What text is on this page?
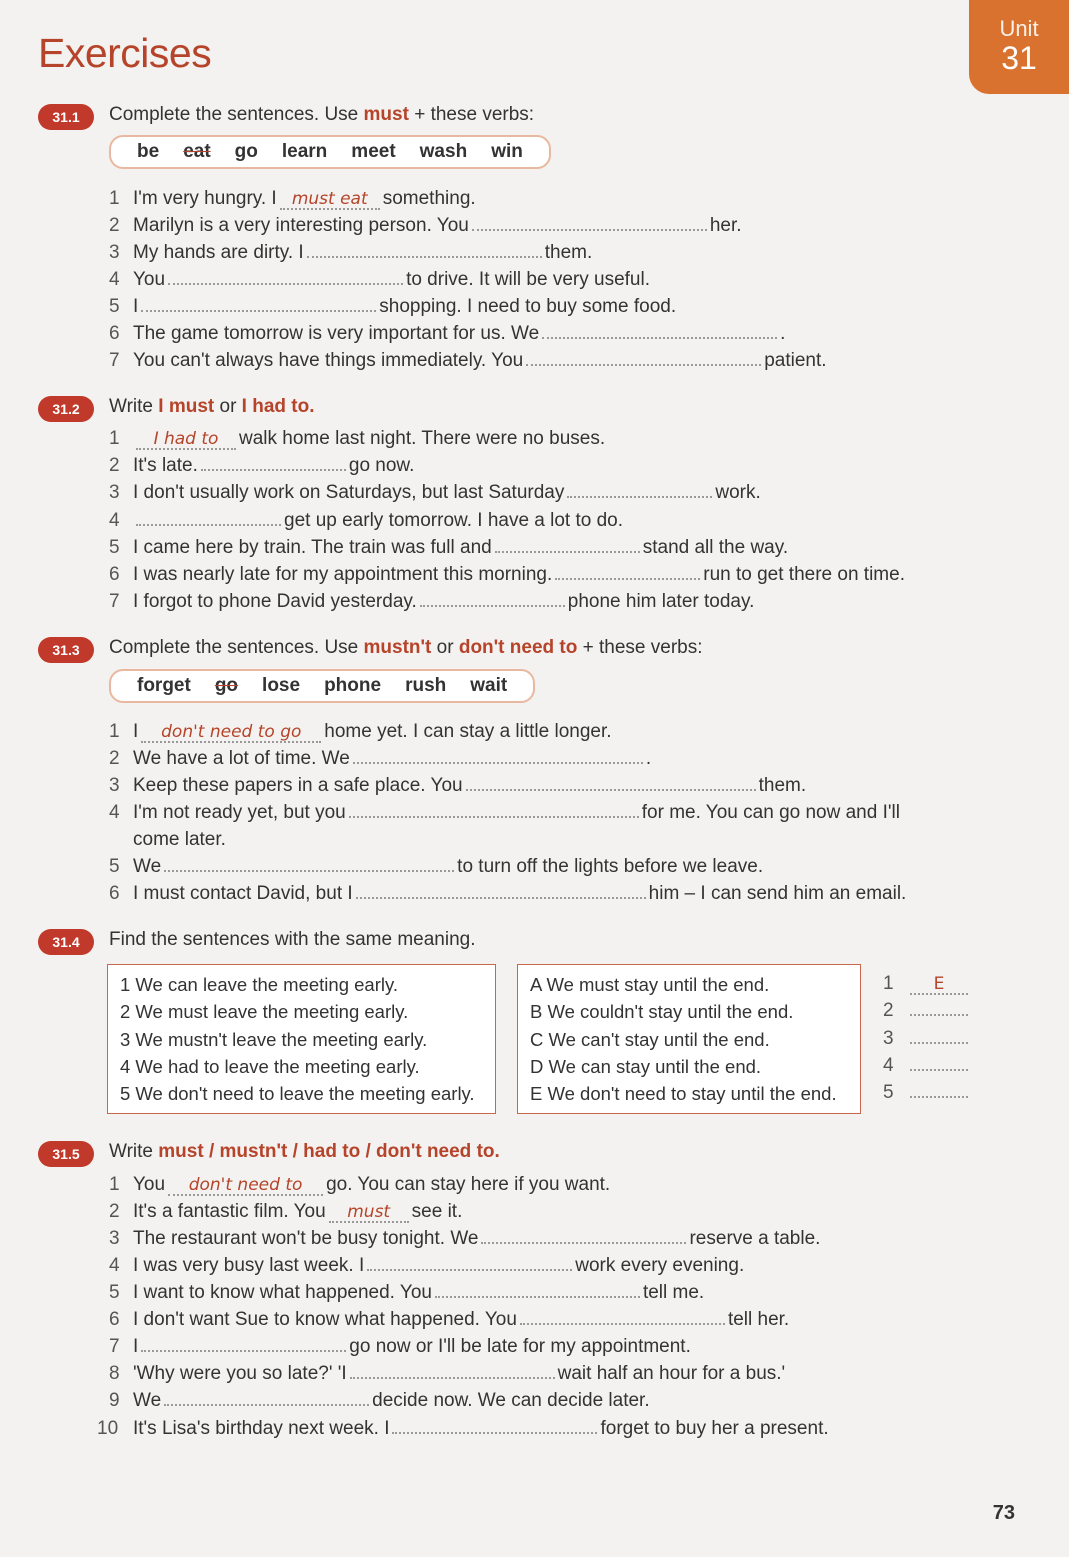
Exercises
Unit
31
31.1	Complete the sentences. Use must + these verbs:
be eat go learn meet wash win
1 I'm very hungry. I must eat something.
2 Marilyn is a very interesting person. You	her.
3 My hands are dirty. I	them.
4 You	to drive. It will be very useful.
5 I	shopping. I need to buy some food.
6 The game tomorrow is very important for us. We	.
7 You can't always have things immediately. You	patient.
31.2	Write I must or I had to.
1 I had to walk home last night. There were no buses.
2 It's late.	go now.
3 I don't usually work on Saturdays, but last Saturday	work.
4	get up early tomorrow. I have a lot to do.
5 I came here by train. The train was full and	stand all the way.
6 I was nearly late for my appointment this morning.	run to get there on time.
7 I forgot to phone David yesterday.	phone him later today.
31.3	Complete the sentences. Use mustn't or don't need to + these verbs:
forget go lose phone rush wait
1 I don't need to go home yet. I can stay a little longer.
2 We have a lot of time. We	.
3 Keep these papers in a safe place. You	them.
4 I'm not ready yet, but you	for me. You can go now and I'll
come later.
5 We	to turn off the lights before we leave.
6 I must contact David, but I	him – I can send him an email.
31.4	Find the sentences with the same meaning.
1 We can leave the meeting early.
2 We must leave the meeting early.
3 We mustn't leave the meeting early.
4 We had to leave the meeting early.
5 We don't need to leave the meeting early.
A We must stay until the end.
B We couldn't stay until the end.
C We can't stay until the end.
D We can stay until the end.
E We don't need to stay until the end.
1 E
2
3
4
5
31.5	Write must / mustn't / had to / don't need to.
1 You don't need to go. You can stay here if you want.
2 It's a fantastic film. You must see it.
3 The restaurant won't be busy tonight. We	reserve a table.
4 I was very busy last week. I	work every evening.
5 I want to know what happened. You	tell me.
6 I don't want Sue to know what happened. You	tell her.
7 I	go now or I'll be late for my appointment.
8 'Why were you so late?' 'I	wait half an hour for a bus.'
9 We	decide now. We can decide later.
10 It's Lisa's birthday next week. I	forget to buy her a present.
73
